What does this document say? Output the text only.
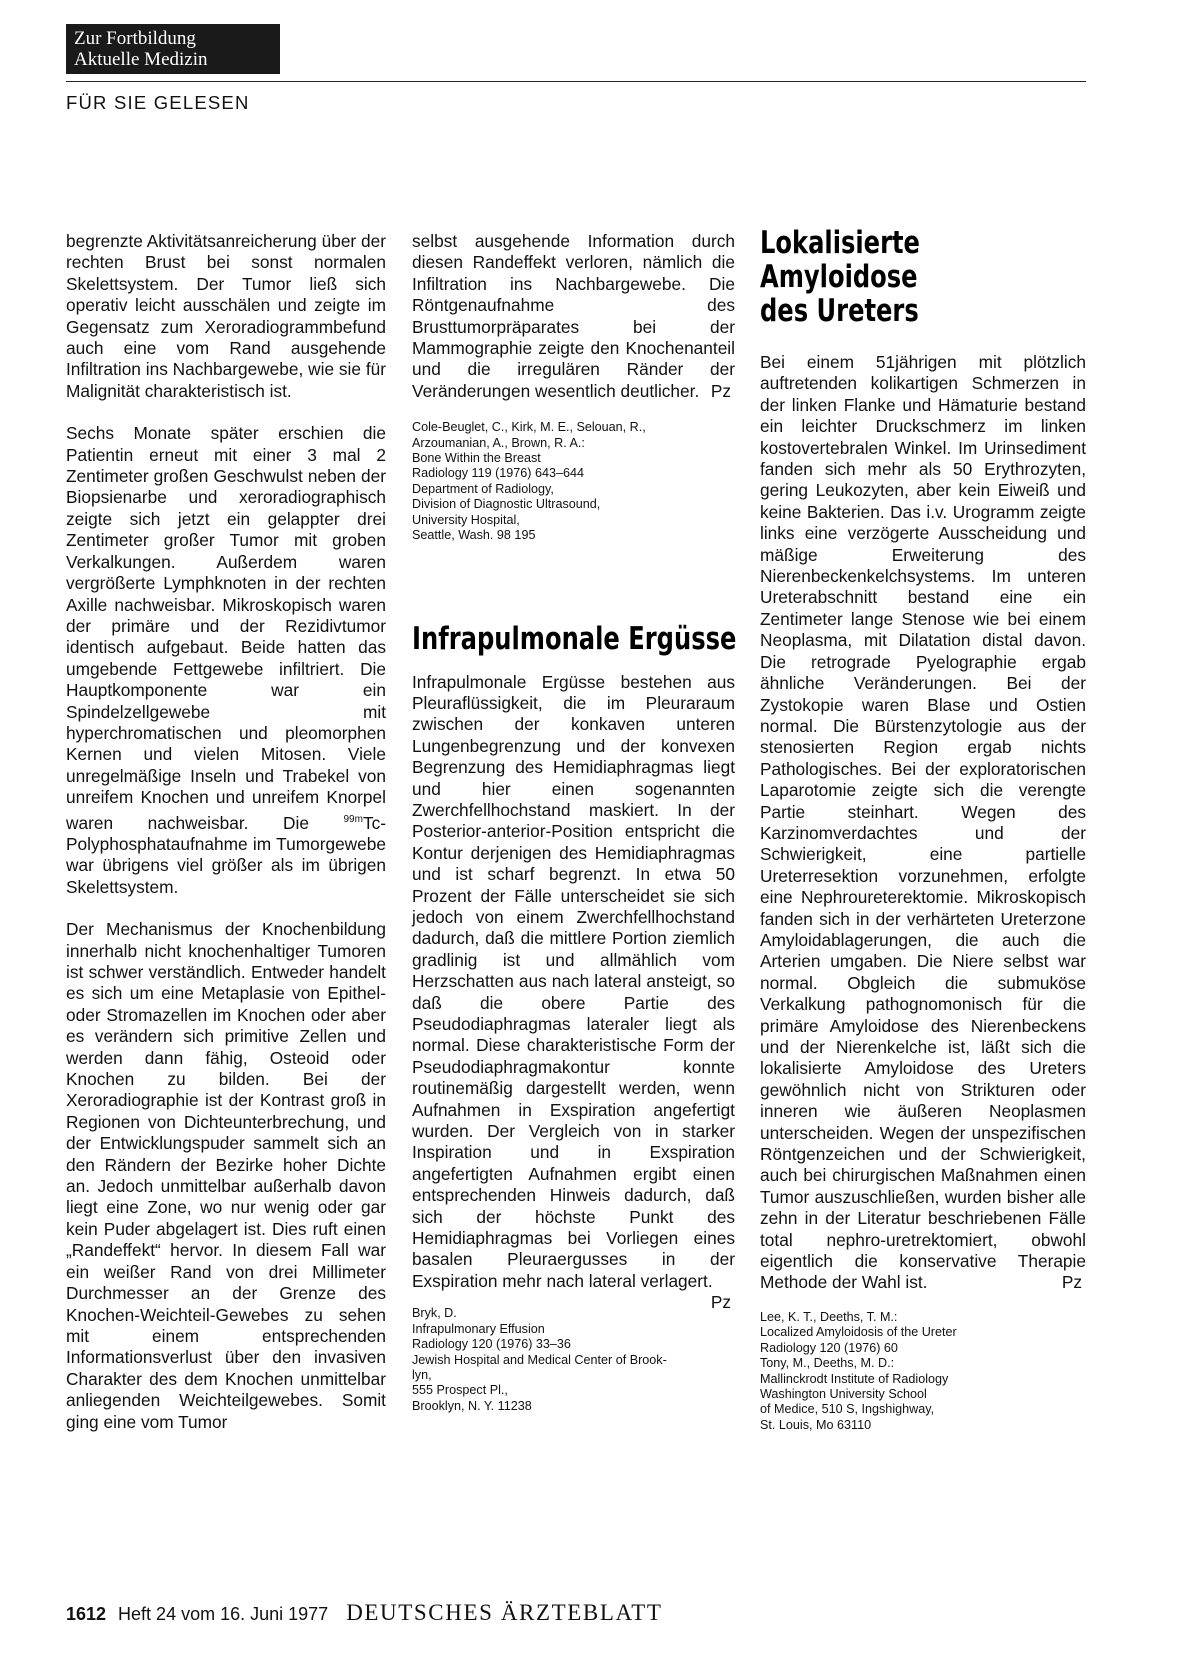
Zur Fortbildung
Aktuelle Medizin
FÜR SIE GELESEN

begrenzte Aktivitätsanreicherung über der rechten Brust bei sonst normalen Skelettsystem. Der Tumor ließ sich operativ leicht ausschälen und zeigte im Gegensatz zum Xeroradiogrammbefund auch eine vom Rand ausgehende Infiltration ins Nachbargewebe, wie sie für Malignität charakteristisch ist.

Sechs Monate später erschien die Patientin erneut mit einer 3 mal 2 Zentimeter großen Geschwulst neben der Biopsienarbe und xeroradiographisch zeigte sich jetzt ein gelappter drei Zentimeter großer Tumor mit groben Verkalkungen. Außerdem waren vergrößerte Lymphknoten in der rechten Axille nachweisbar. Mikroskopisch waren der primäre und der Rezidivtumor identisch aufgebaut. Beide hatten das umgebende Fettgewebe infiltriert. Die Hauptkomponente war ein Spindelzellgewebe mit hyperchromatischen und pleomorphen Kernen und vielen Mitosen. Viele unregelmäßige Inseln und Trabekel von unreifem Knochen und unreifem Knorpel waren nachweisbar. Die $^{99m}$Tc-Polyphosphataufnahme im Tumorgewebe war übrigens viel größer als im übrigen Skelettsystem.

Der Mechanismus der Knochenbildung innerhalb nicht knochenhaltiger Tumoren ist schwer verständlich. Entweder handelt es sich um eine Metaplasie von Epithel- oder Stromazellen im Knochen oder aber es verändern sich primitive Zellen und werden dann fähig, Osteoid oder Knochen zu bilden. Bei der Xeroradiographie ist der Kontrast groß in Regionen von Dichteunterbrechung, und der Entwicklungspuder sammelt sich an den Rändern der Bezirke hoher Dichte an. Jedoch unmittelbar außerhalb davon liegt eine Zone, wo nur wenig oder gar kein Puder abgelagert ist. Dies ruft einen „Randeffekt“ hervor. In diesem Fall war ein weißer Rand von drei Millimeter Durchmesser an der Grenze des Knochen-Weichteil-Gewebes zu sehen mit einem entsprechenden Informationsverlust über den invasiven Charakter des dem Knochen unmittelbar anliegenden Weichteilgewebes. Somit ging eine vom Tumor

selbst ausgehende Information durch diesen Randeffekt verloren, nämlich die Infiltration ins Nachbargewebe. Die Röntgenaufnahme des Brusttumorpräparates bei der Mammographie zeigte den Knochenanteil und die irregulären Ränder der Veränderungen wesentlich deutlicher. Pz

Cole-Beuglet, C., Kirk, M. E., Selouan, R.,
Arzoumanian, A., Brown, R. A.:
Bone Within the Breast
Radiology 119 (1976) 643–644
Department of Radiology,
Division of Diagnostic Ultrasound,
University Hospital,
Seattle, Wash. 98 195
Infrapulmonale Ergüsse

Infrapulmonale Ergüsse bestehen aus Pleuraflüssigkeit, die im Pleuraraum zwischen der konkaven unteren Lungenbegrenzung und der konvexen Begrenzung des Hemidiaphragmas liegt und hier einen sogenannten Zwerchfellhochstand maskiert. In der Posterior-anterior-Position entspricht die Kontur derjenigen des Hemidiaphragmas und ist scharf begrenzt. In etwa 50 Prozent der Fälle unterscheidet sie sich jedoch von einem Zwerchfellhochstand dadurch, daß die mittlere Portion ziemlich gradlinig ist und allmählich vom Herzschatten aus nach lateral ansteigt, so daß die obere Partie des Pseudodiaphragmas lateraler liegt als normal. Diese charakteristische Form der Pseudodiaphragmakontur konnte routinemäßig dargestellt werden, wenn Aufnahmen in Exspiration angefertigt wurden. Der Vergleich von in starker Inspiration und in Exspiration angefertigten Aufnahmen ergibt einen entsprechenden Hinweis dadurch, daß sich der höchste Punkt des Hemidiaphragmas bei Vorliegen eines basalen Pleuraergusses in der Exspiration mehr nach lateral verlagert.
Pz

Bryk, D.
Infrapulmonary Effusion
Radiology 120 (1976) 33–36
Jewish Hospital and Medical Center of Brook-
lyn,
555 Prospect Pl.,
Brooklyn, N. Y. 11238
Lokalisierte
Amyloidose
des Ureters

Bei einem 51jährigen mit plötzlich auftretenden kolikartigen Schmerzen in der linken Flanke und Hämaturie bestand ein leichter Druckschmerz im linken kostovertebralen Winkel. Im Urinsediment fanden sich mehr als 50 Erythrozyten, gering Leukozyten, aber kein Eiweiß und keine Bakterien. Das i.v. Urogramm zeigte links eine verzögerte Ausscheidung und mäßige Erweiterung des Nierenbeckenkelchsystems. Im unteren Ureterabschnitt bestand eine ein Zentimeter lange Stenose wie bei einem Neoplasma, mit Dilatation distal davon. Die retrograde Pyelographie ergab ähnliche Veränderungen. Bei der Zystokopie waren Blase und Ostien normal. Die Bürstenzytologie aus der stenosierten Region ergab nichts Pathologisches. Bei der exploratorischen Laparotomie zeigte sich die verengte Partie steinhart. Wegen des Karzinomverdachtes und der Schwierigkeit, eine partielle Ureterresektion vorzunehmen, erfolgte eine Nephroureterektomie. Mikroskopisch fanden sich in der verhärteten Ureterzone Amyloidablagerungen, die auch die Arterien umgaben. Die Niere selbst war normal. Obgleich die submuköse Verkalkung pathognomonisch für die primäre Amyloidose des Nierenbeckens und der Nierenkelche ist, läßt sich die lokalisierte Amyloidose des Ureters gewöhnlich nicht von Strikturen oder inneren wie äußeren Neoplasmen unterscheiden. Wegen der unspezifischen Röntgenzeichen und der Schwierigkeit, auch bei chirurgischen Maßnahmen einen Tumor auszuschließen, wurden bisher alle zehn in der Literatur beschriebenen Fälle total nephro-uretrektomiert, obwohl eigentlich die konservative Therapie Methode der Wahl ist.	Pz

Lee, K. T., Deeths, T. M.:
Localized Amyloidosis of the Ureter
Radiology 120 (1976) 60
Tony, M., Deeths, M. D.:
Mallinckrodt Institute of Radiology
Washington University School
of Medice, 510 S, Ingshighway,
St. Louis, Mo 63110
1612 Heft 24 vom 16. Juni 1977 DEUTSCHES ÄRZTEBLATT
